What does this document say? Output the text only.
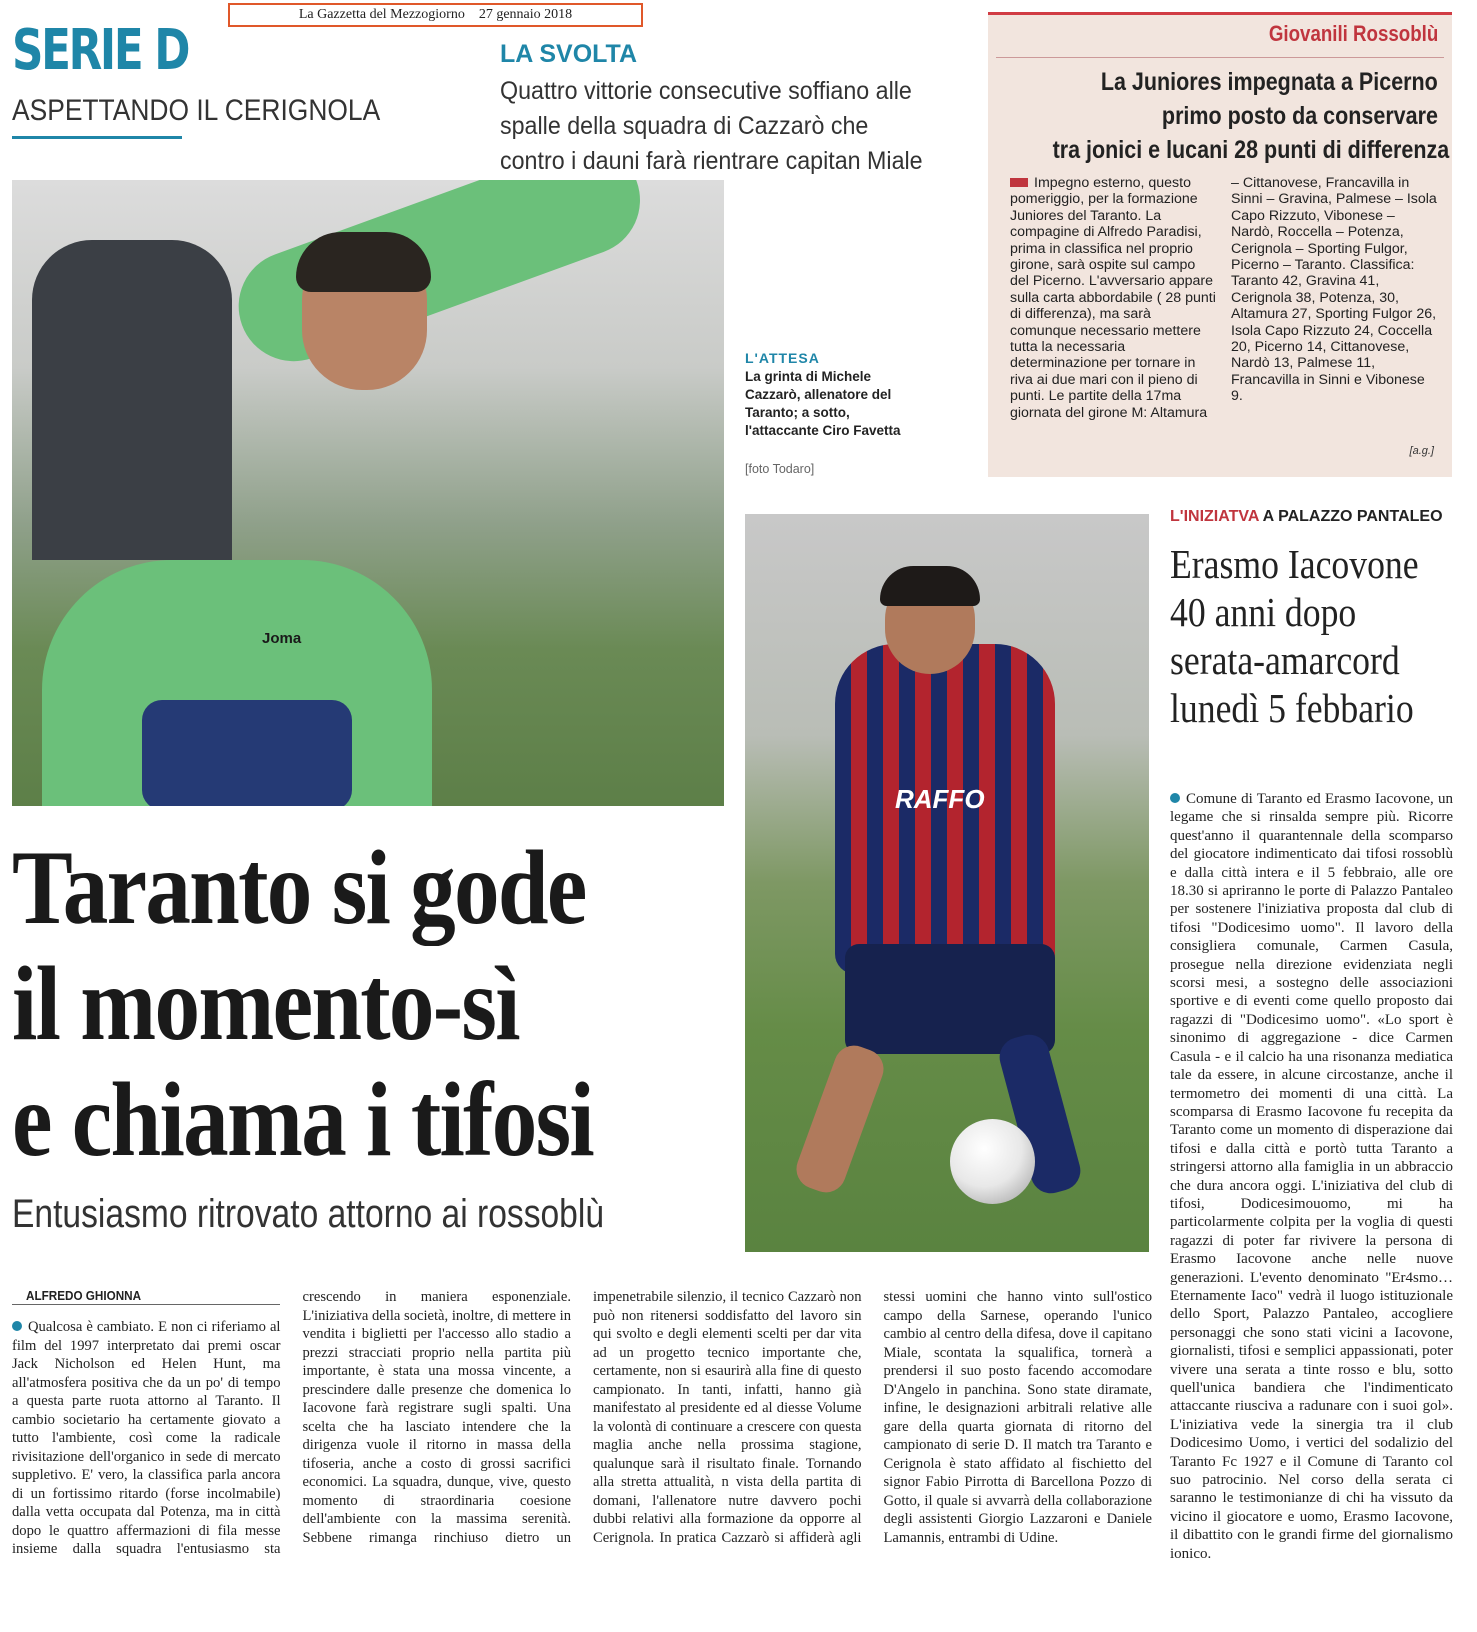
La Gazzetta del Mezzogiorno 27 gennaio 2018
SERIE D
ASPETTANDO IL CERIGNOLA
LA SVOLTA
Quattro vittorie consecutive soffiano alle spalle della squadra di Cazzarò che contro i dauni farà rientrare capitan Miale
Joma
L'ATTESA
La grinta di Michele Cazzarò, allenatore del Taranto; a sotto, l'attaccante Ciro Favetta
[foto Todaro]
Giovanili Rossoblù
La Juniores impegnata a Picerno
primo posto da conservare
tra jonici e lucani 28 punti di differenza
Impegno esterno, questo pomeriggio, per la formazione Juniores del Taranto. La compagine di Alfredo Paradisi, prima in classifica nel proprio girone, sarà ospite sul campo del Picerno. L'avversario appare sulla carta abbordabile ( 28 punti di differenza), ma sarà comunque necessario mettere tutta la necessaria determinazione per tornare in riva ai due mari con il pieno di punti. Le partite della 17ma giornata del girone M: Altamura – Cittanovese, Francavilla in Sinni – Gravina, Palmese – Isola Capo Rizzuto, Vibonese – Nardò, Roccella – Potenza, Cerignola – Sporting Fulgor, Picerno – Taranto. Classifica: Taranto 42, Gravina 41, Cerignola 38, Potenza, 30, Altamura 27, Sporting Fulgor 26, Isola Capo Rizzuto 24, Coccella 20, Picerno 14, Cittanovese, Nardò 13, Palmese 11, Francavilla in Sinni e Vibonese 9.
[a.g.]
RAFFO
L'INIZIATVA A PALAZZO PANTALEO
Erasmo Iacovone
40 anni dopo
serata-amarcord
lunedì 5 febbario
Comune di Taranto ed Erasmo Iacovone, un legame che si rinsalda sempre più. Ricorre quest'anno il quarantennale della scomparso del giocatore indimenticato dai tifosi rossoblù e dalla città intera e il 5 febbraio, alle ore 18.30 si apriranno le porte di Palazzo Pantaleo per sostenere l'iniziativa proposta dal club di tifosi "Dodicesimo uomo". Il lavoro della consigliera comunale, Carmen Casula, prosegue nella direzione evidenziata negli scorsi mesi, a sostegno delle associazioni sportive e di eventi come quello proposto dai ragazzi di "Dodicesimo uomo". «Lo sport è sinonimo di aggregazione - dice Carmen Casula - e il calcio ha una risonanza mediatica tale da essere, in alcune circostanze, anche il termometro dei momenti di una città. La scomparsa di Erasmo Iacovone fu recepita da Taranto come un momento di disperazione dai tifosi e dalla città e portò tutta Taranto a stringersi attorno alla famiglia in un abbraccio che dura ancora oggi. L'iniziativa del club di tifosi, Dodicesimouomo, mi ha particolarmente colpita per la voglia di questi ragazzi di poter far rivivere la persona di Erasmo Iacovone anche nelle nuove generazioni. L'evento denominato "Er4smo…Eternamente Iaco" vedrà il luogo istituzionale dello Sport, Palazzo Pantaleo, accogliere personaggi che sono stati vicini a Iacovone, giornalisti, tifosi e semplici appassionati, poter vivere una serata a tinte rosso e blu, sotto quell'unica bandiera che l'indimenticato attaccante riusciva a radunare con i suoi gol». L'iniziativa vede la sinergia tra il club Dodicesimo Uomo, i vertici del sodalizio del Taranto Fc 1927 e il Comune di Taranto col suo patrocinio. Nel corso della serata ci saranno le testimonianze di chi ha vissuto da vicino il giocatore e uomo, Erasmo Iacovone, il dibattito con le grandi firme del giornalismo ionico.
Taranto si gode
il momento-sì
e chiama i tifosi
Entusiasmo ritrovato attorno ai rossoblù
ALFREDO GHIONNA
Qualcosa è cambiato. E non ci riferiamo al film del 1997 interpretato dai premi oscar Jack Nicholson ed Helen Hunt, ma all'atmosfera positiva che da un po' di tempo a questa parte ruota attorno al Taranto. Il cambio societario ha certamente giovato a tutto l'ambiente, così come la radicale rivisitazione dell'organico in sede di mercato suppletivo. E' vero, la classifica parla ancora di un fortissimo ritardo (forse incolmabile) dalla vetta occupata dal Potenza, ma in città dopo le quattro affermazioni di fila messe insieme dalla squadra l'entusiasmo sta crescendo in maniera esponenziale. L'iniziativa della società, inoltre, di mettere in vendita i biglietti per l'accesso allo stadio a prezzi stracciati proprio nella partita più importante, è stata una mossa vincente, a prescindere dalle presenze che domenica lo Iacovone farà registrare sugli spalti. Una scelta che ha lasciato intendere che la dirigenza vuole il ritorno in massa della tifoseria, anche a costo di grossi sacrifici economici. La squadra, dunque, vive, questo momento di straordinaria coesione dell'ambiente con la massima serenità. Sebbene rimanga rinchiuso dietro un impenetrabile silenzio, il tecnico Cazzarò non può non ritenersi soddisfatto del lavoro sin qui svolto e degli elementi scelti per dar vita ad un progetto tecnico importante che, certamente, non si esaurirà alla fine di questo campionato. In tanti, infatti, hanno già manifestato al presidente ed al diesse Volume la volontà di continuare a crescere con questa maglia anche nella prossima stagione, qualunque sarà il risultato finale. Tornando alla stretta attualità, n vista della partita di domani, l'allenatore nutre davvero pochi dubbi relativi alla formazione da opporre al Cerignola. In pratica Cazzarò si affiderà agli stessi uomini che hanno vinto sull'ostico campo della Sarnese, operando l'unico cambio al centro della difesa, dove il capitano Miale, scontata la squalifica, tornerà a prendersi il suo posto facendo accomodare D'Angelo in panchina. Sono state diramate, infine, le designazioni arbitrali relative alle gare della quarta giornata di ritorno del campionato di serie D. Il match tra Taranto e Cerignola è stato affidato al fischietto del signor Fabio Pirrotta di Barcellona Pozzo di Gotto, il quale si avvarrà della collaborazione degli assistenti Giorgio Lazzaroni e Daniele Lamannis, entrambi di Udine.
